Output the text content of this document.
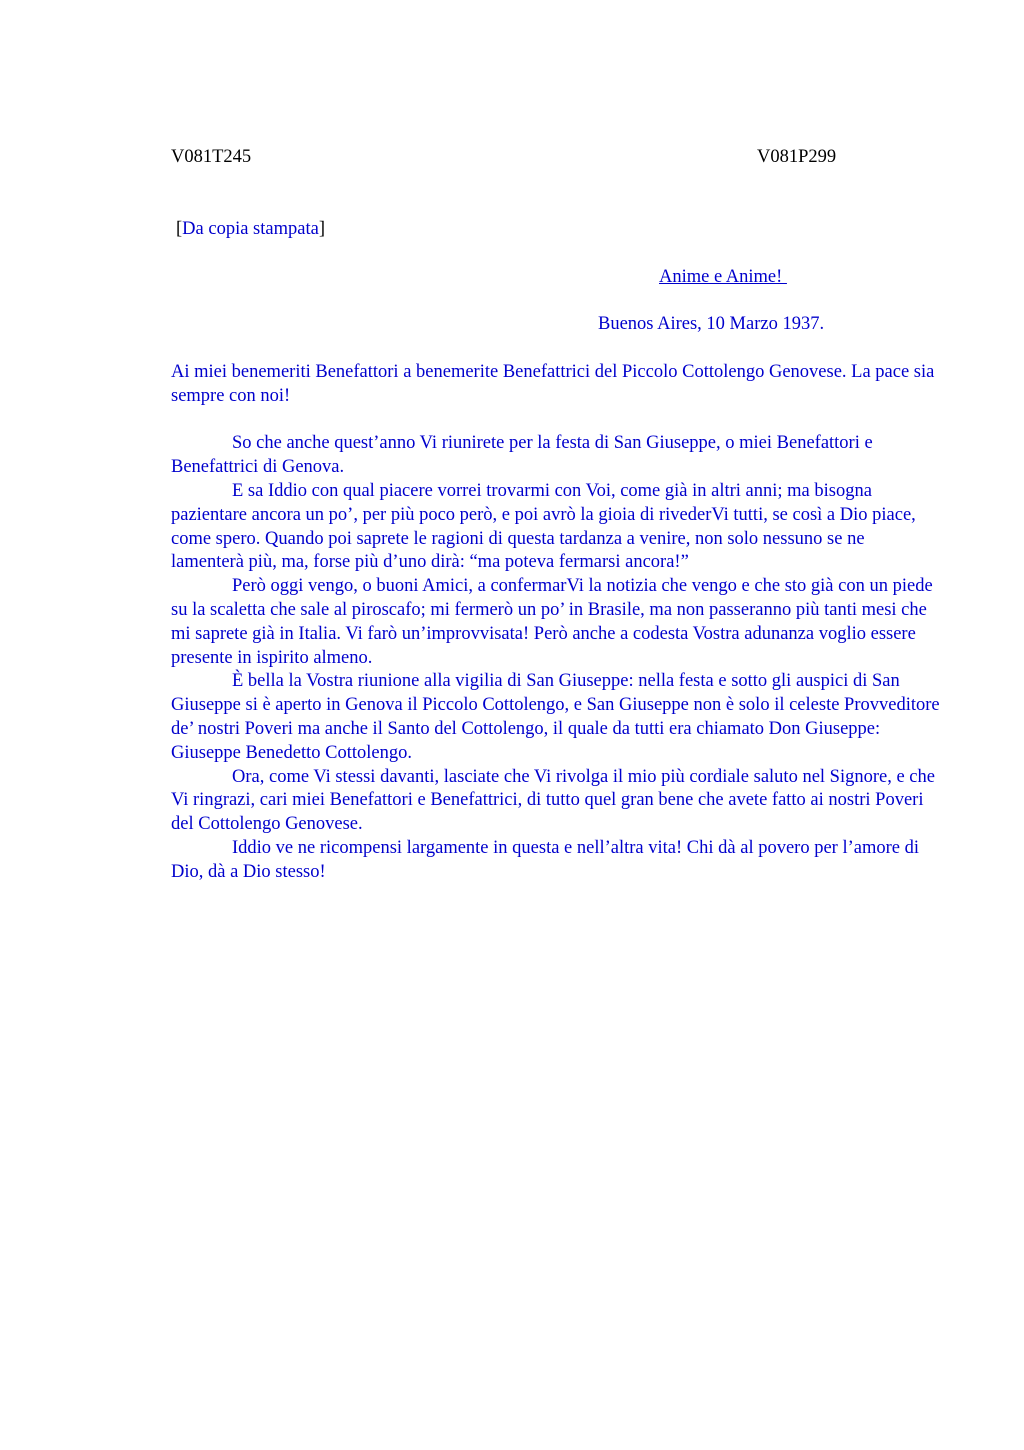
V081T245	V081P299
[Da copia stampata]
Anime e Anime!
Buenos Aires, 10 Marzo 1937.

Ai miei benemeriti Benefattori a benemerite Benefattrici del Piccolo Cottolengo Genovese. La pace sia sempre con noi!

So che anche quest’anno Vi riunirete per la festa di San Giuseppe, o miei Benefattori e Benefattrici di Genova.

E sa Iddio con qual piacere vorrei trovarmi con Voi, come già in altri anni; ma bisogna pazientare ancora un po’, per più poco però, e poi avrò la gioia di rivederVi tutti, se così a Dio piace, come spero. Quando poi saprete le ragioni di questa tardanza a venire, non solo nessuno se ne lamenterà più, ma, forse più d’uno dirà: “ma poteva fermarsi ancora!”

Però oggi vengo, o buoni Amici, a confermarVi la notizia che vengo e che sto già con un piede su la scaletta che sale al piroscafo; mi fermerò un po’ in Brasile, ma non passeranno più tanti mesi che mi saprete già in Italia. Vi farò un’improvvisata! Però anche a codesta Vostra adunanza voglio essere presente in ispirito almeno.

È bella la Vostra riunione alla vigilia di San Giuseppe: nella festa e sotto gli auspici di San Giuseppe si è aperto in Genova il Piccolo Cottolengo, e San Giuseppe non è solo il celeste Provveditore de’ nostri Poveri ma anche il Santo del Cottolengo, il quale da tutti era chiamato Don Giuseppe: Giuseppe Benedetto Cottolengo.

Ora, come Vi stessi davanti, lasciate che Vi rivolga il mio più cordiale saluto nel Signore, e che Vi ringrazi, cari miei Benefattori e Benefattrici, di tutto quel gran bene che avete fatto ai nostri Poveri del Cottolengo Genovese.

Iddio ve ne ricompensi largamente in questa e nell’altra vita! Chi dà al povero per l’amore di Dio, dà a Dio stesso!
